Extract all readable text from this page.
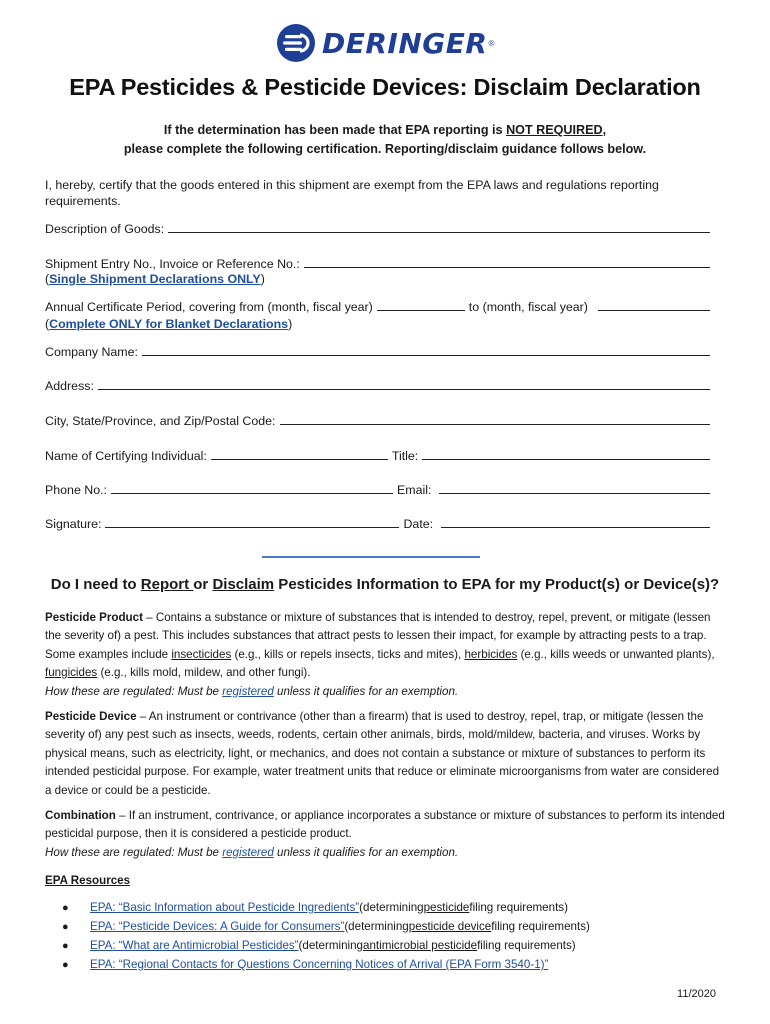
DERINGER ®
EPA Pesticides & Pesticide Devices: Disclaim Declaration
If the determination has been made that EPA reporting is NOT REQUIRED,
please complete the following certification. Reporting/disclaim guidance follows below.
I, hereby, certify that the goods entered in this shipment are exempt from the EPA laws and regulations reporting
requirements.
Description of Goods:
Shipment Entry No., Invoice or Reference No.:
(Single Shipment Declarations ONLY)
Annual Certificate Period, covering from (month, fiscal year)	to (month, fiscal year)
(Complete ONLY for Blanket Declarations)
Company Name:
Address:
City, State/Province, and Zip/Postal Code:
Name of Certifying Individual:	Title:
Phone No.:	Email:
Signature:	Date:
Do I need to Report or Disclaim Pesticides Information to EPA for my Product(s) or Device(s)?
Pesticide Product – Contains a substance or mixture of substances that is intended to destroy, repel, prevent, or mitigate (lessen the severity of) a pest. This includes substances that attract pests to lessen their impact, for example by attracting pests to a trap. Some examples include insecticides (e.g., kills or repels insects, ticks and mites), herbicides (e.g., kills weeds or unwanted plants), fungicides (e.g., kills mold, mildew, and other fungi).
How these are regulated: Must be registered unless it qualifies for an exemption.
Pesticide Device – An instrument or contrivance (other than a firearm) that is used to destroy, repel, trap, or mitigate (lessen the severity of) any pest such as insects, weeds, rodents, certain other animals, birds, mold/mildew, bacteria, and viruses. Works by physical means, such as electricity, light, or mechanics, and does not contain a substance or mixture of substances to perform its intended pesticidal purpose. For example, water treatment units that reduce or eliminate microorganisms from water are considered a device or could be a pesticide.
Combination – If an instrument, contrivance, or appliance incorporates a substance or mixture of substances to perform its intended pesticidal purpose, then it is considered a pesticide product.
How these are regulated: Must be registered unless it qualifies for an exemption.
EPA Resources
●	EPA: “Basic Information about Pesticide Ingredients” (determining pesticide filing requirements)
●	EPA: “Pesticide Devices: A Guide for Consumers” (determining pesticide device filing requirements)
●	EPA: “What are Antimicrobial Pesticides” (determining antimicrobial pesticide filing requirements)
●	EPA: “Regional Contacts for Questions Concerning Notices of Arrival (EPA Form 3540-1)”
11/2020
